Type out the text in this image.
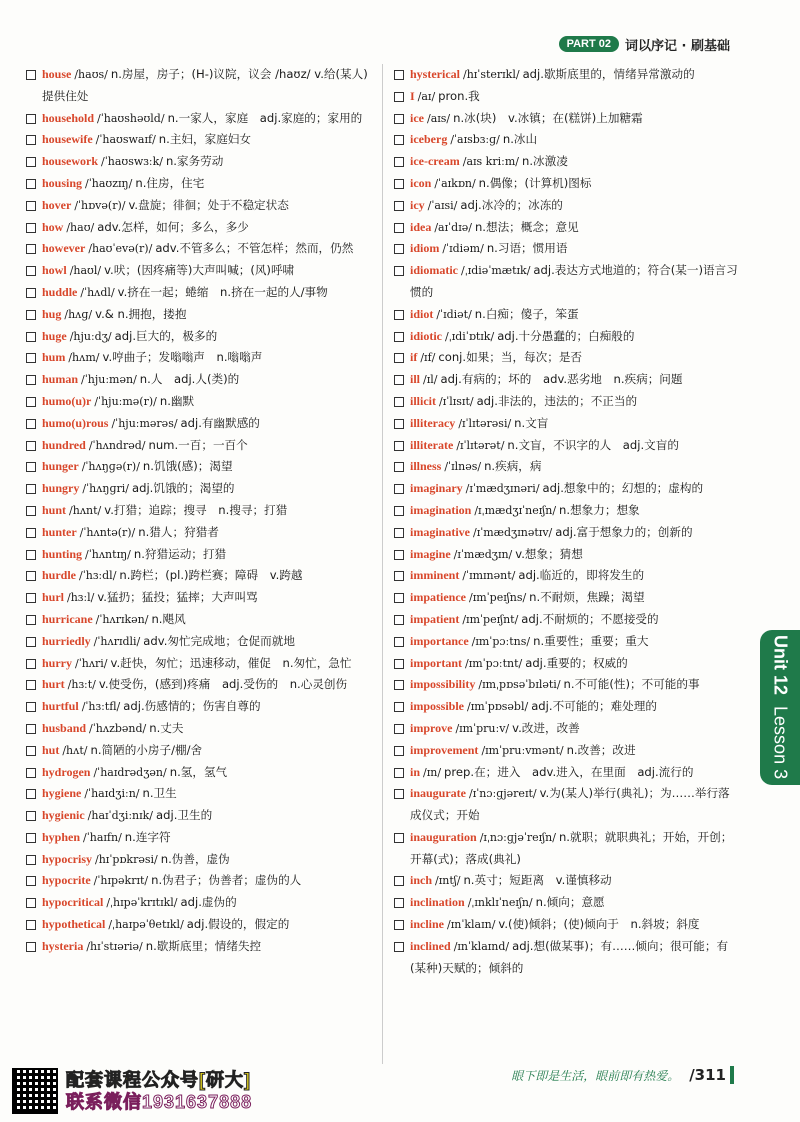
PART 02	词以序记 · 刷基础
house /haʊs/ n.房屋，房子；(H-)议院，议会 /haʊz/ v.给(某人)提供住处
household /ˈhaʊshəʊld/ n.一家人，家庭　adj.家庭的；家用的
housewife /ˈhaʊswaɪf/ n.主妇，家庭妇女
housework /ˈhaʊswɜːk/ n.家务劳动
housing /ˈhaʊzɪŋ/ n.住房，住宅
hover /ˈhɒvə(r)/ v.盘旋；徘徊；处于不稳定状态
how /haʊ/ adv.怎样，如何；多么，多少
however /haʊˈevə(r)/ adv.不管多么；不管怎样；然而，仍然
howl /haʊl/ v.吠；(因疼痛等)大声叫喊；(风)呼啸
huddle /ˈhʌdl/ v.挤在一起；蜷缩　n.挤在一起的人/事物
hug /hʌɡ/ v.& n.拥抱，搂抱
huge /hjuːdʒ/ adj.巨大的，极多的
hum /hʌm/ v.哼曲子；发嗡嗡声　n.嗡嗡声
human /ˈhjuːmən/ n.人　adj.人(类)的
humo(u)r /ˈhjuːmə(r)/ n.幽默
humo(u)rous /ˈhjuːmərəs/ adj.有幽默感的
hundred /ˈhʌndrəd/ num.一百；一百个
hunger /ˈhʌŋɡə(r)/ n.饥饿(感)；渴望
hungry /ˈhʌŋɡri/ adj.饥饿的；渴望的
hunt /hʌnt/ v.打猎；追踪；搜寻　n.搜寻；打猎
hunter /ˈhʌntə(r)/ n.猎人；狩猎者
hunting /ˈhʌntɪŋ/ n.狩猎运动；打猎
hurdle /ˈhɜːdl/ n.跨栏；(pl.)跨栏赛；障碍　v.跨越
hurl /hɜːl/ v.猛扔；猛投；猛摔；大声叫骂
hurricane /ˈhʌrɪkən/ n.飓风
hurriedly /ˈhʌrɪdli/ adv.匆忙完成地；仓促而就地
hurry /ˈhʌri/ v.赶快，匆忙；迅速移动，催促　n.匆忙，急忙
hurt /hɜːt/ v.使受伤，(感到)疼痛　adj.受伤的　n.心灵创伤
hurtful /ˈhɜːtfl/ adj.伤感情的；伤害自尊的
husband /ˈhʌzbənd/ n.丈夫
hut /hʌt/ n.简陋的小房子/棚/舍
hydrogen /ˈhaɪdrədʒən/ n.氢，氢气
hygiene /ˈhaɪdʒiːn/ n.卫生
hygienic /haɪˈdʒiːnɪk/ adj.卫生的
hyphen /ˈhaɪfn/ n.连字符
hypocrisy /hɪˈpɒkrəsi/ n.伪善，虚伪
hypocrite /ˈhɪpəkrɪt/ n.伪君子；伪善者；虚伪的人
hypocritical /ˌhɪpəˈkrɪtɪkl/ adj.虚伪的
hypothetical /ˌhaɪpəˈθetɪkl/ adj.假设的，假定的
hysteria /hɪˈstɪəriə/ n.歇斯底里；情绪失控
hysterical /hɪˈsterɪkl/ adj.歇斯底里的，情绪异常激动的
I /aɪ/ pron.我
ice /aɪs/ n.冰(块)　v.冰镇；在(糕饼)上加糖霜
iceberg /ˈaɪsbɜːɡ/ n.冰山
ice-cream /aɪs kriːm/ n.冰激凌
icon /ˈaɪkɒn/ n.偶像；(计算机)图标
icy /ˈaɪsi/ adj.冰冷的；冰冻的
idea /aɪˈdɪə/ n.想法；概念；意见
idiom /ˈɪdiəm/ n.习语；惯用语
idiomatic /ˌɪdiəˈmætɪk/ adj.表达方式地道的；符合(某一)语言习惯的
idiot /ˈɪdiət/ n.白痴；傻子，笨蛋
idiotic /ˌɪdiˈɒtɪk/ adj.十分愚蠢的；白痴般的
if /ɪf/ conj.如果；当，每次；是否
ill /ɪl/ adj.有病的；坏的　adv.恶劣地　n.疾病；问题
illicit /ɪˈlɪsɪt/ adj.非法的，违法的；不正当的
illiteracy /ɪˈlɪtərəsi/ n.文盲
illiterate /ɪˈlɪtərət/ n.文盲，不识字的人　adj.文盲的
illness /ˈɪlnəs/ n.疾病，病
imaginary /ɪˈmædʒɪnəri/ adj.想象中的；幻想的；虚构的
imagination /ɪˌmædʒɪˈneɪʃn/ n.想象力；想象
imaginative /ɪˈmædʒɪnətɪv/ adj.富于想象力的；创新的
imagine /ɪˈmædʒɪn/ v.想象；猜想
imminent /ˈɪmɪnənt/ adj.临近的，即将发生的
impatience /ɪmˈpeɪʃns/ n.不耐烦，焦躁；渴望
impatient /ɪmˈpeɪʃnt/ adj.不耐烦的；不愿接受的
importance /ɪmˈpɔːtns/ n.重要性；重要；重大
important /ɪmˈpɔːtnt/ adj.重要的；权威的
impossibility /ɪmˌpɒsəˈbɪləti/ n.不可能(性)；不可能的事
impossible /ɪmˈpɒsəbl/ adj.不可能的；难处理的
improve /ɪmˈpruːv/ v.改进，改善
improvement /ɪmˈpruːvmənt/ n.改善；改进
in /ɪn/ prep.在；进入　adv.进入，在里面　adj.流行的
inaugurate /ɪˈnɔːɡjəreɪt/ v.为(某人)举行(典礼)；为……举行落成仪式；开始
inauguration /ɪˌnɔːɡjəˈreɪʃn/ n.就职；就职典礼；开始，开创；开幕(式)；落成(典礼)
inch /ɪntʃ/ n.英寸；短距离　v.谨慎移动
inclination /ˌɪnklɪˈneɪʃn/ n.倾向；意愿
incline /ɪnˈklaɪn/ v.(使)倾斜；(使)倾向于　n.斜坡；斜度
inclined /ɪnˈklaɪnd/ adj.想(做某事)；有……倾向；很可能；有(某种)天赋的；倾斜的
Unit 12 Lesson 3
配套课程公众号[研大]
联系微信1931637888
眼下即是生活，眼前即有热爱。 /311
